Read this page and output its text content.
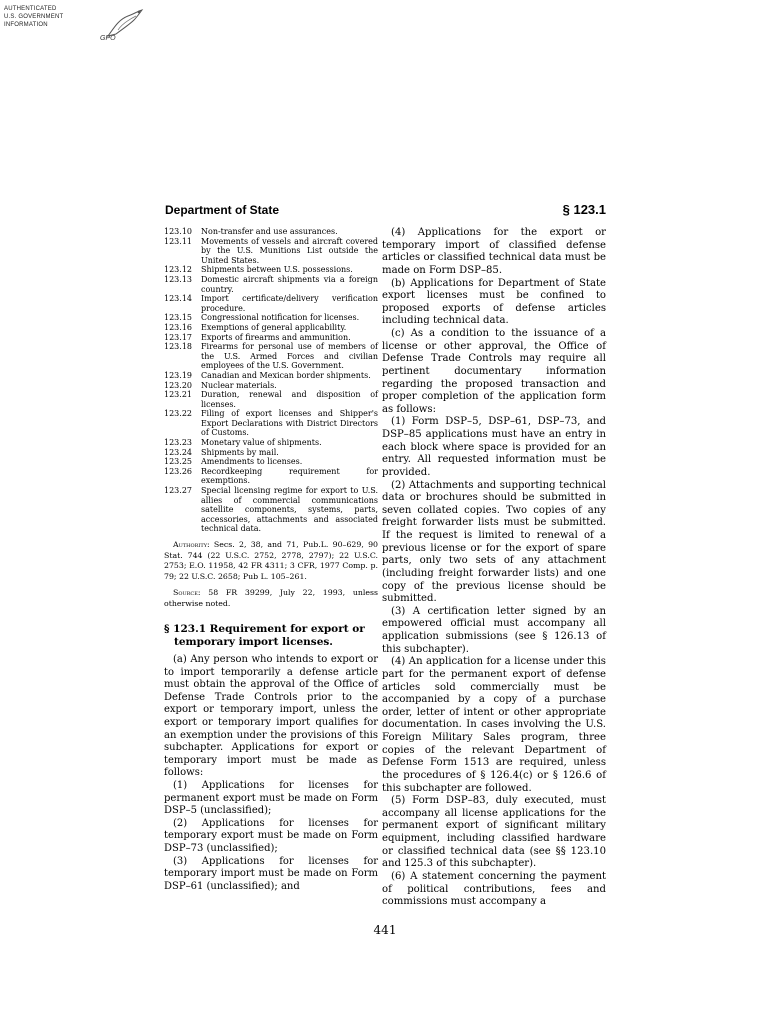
AUTHENTICATED
U.S. GOVERNMENT
INFORMATION
GPO
Department of State	§ 123.1
123.10	Non-transfer and use assurances.
123.11	Movements of vessels and aircraft covered by the U.S. Munitions List outside the United States.
123.12	Shipments between U.S. possessions.
123.13	Domestic aircraft shipments via a foreign country.
123.14	Import certificate/delivery verification procedure.
123.15	Congressional notification for licenses.
123.16	Exemptions of general applicability.
123.17	Exports of firearms and ammunition.
123.18	Firearms for personal use of members of the U.S. Armed Forces and civilian employees of the U.S. Government.
123.19	Canadian and Mexican border shipments.
123.20	Nuclear materials.
123.21	Duration, renewal and disposition of licenses.
123.22	Filing of export licenses and Shipper's Export Declarations with District Directors of Customs.
123.23	Monetary value of shipments.
123.24	Shipments by mail.
123.25	Amendments to licenses.
123.26	Recordkeeping requirement for exemptions.
123.27	Special licensing regime for export to U.S. allies of commercial communications satellite components, systems, parts, accessories, attachments and associated technical data.

Authority: Secs. 2, 38, and 71, Pub.L. 90–629, 90 Stat. 744 (22 U.S.C. 2752, 2778, 2797); 22 U.S.C. 2753; E.O. 11958, 42 FR 4311; 3 CFR, 1977 Comp. p. 79; 22 U.S.C. 2658; Pub L. 105–261.

Source: 58 FR 39299, July 22, 1993, unless otherwise noted.

§ 123.1 Requirement for export or temporary import licenses.

(a) Any person who intends to export or to import temporarily a defense article must obtain the approval of the Office of Defense Trade Controls prior to the export or temporary import, unless the export or temporary import qualifies for an exemption under the provisions of this subchapter. Applications for export or temporary import must be made as follows:

(1) Applications for licenses for permanent export must be made on Form DSP–5 (unclassified);

(2) Applications for licenses for temporary export must be made on Form DSP–73 (unclassified);

(3) Applications for licenses for temporary import must be made on Form DSP–61 (unclassified); and

(4) Applications for the export or temporary import of classified defense articles or classified technical data must be made on Form DSP–85.

(b) Applications for Department of State export licenses must be confined to proposed exports of defense articles including technical data.

(c) As a condition to the issuance of a license or other approval, the Office of Defense Trade Controls may require all pertinent documentary information regarding the proposed transaction and proper completion of the application form as follows:

(1) Form DSP–5, DSP–61, DSP–73, and DSP–85 applications must have an entry in each block where space is provided for an entry. All requested information must be provided.

(2) Attachments and supporting technical data or brochures should be submitted in seven collated copies. Two copies of any freight forwarder lists must be submitted. If the request is limited to renewal of a previous license or for the export of spare parts, only two sets of any attachment (including freight forwarder lists) and one copy of the previous license should be submitted.

(3) A certification letter signed by an empowered official must accompany all application submissions (see § 126.13 of this subchapter).

(4) An application for a license under this part for the permanent export of defense articles sold commercially must be accompanied by a copy of a purchase order, letter of intent or other appropriate documentation. In cases involving the U.S. Foreign Military Sales program, three copies of the relevant Department of Defense Form 1513 are required, unless the procedures of § 126.4(c) or § 126.6 of this subchapter are followed.

(5) Form DSP–83, duly executed, must accompany all license applications for the permanent export of significant military equipment, including classified hardware or classified technical data (see §§ 123.10 and 125.3 of this subchapter).

(6) A statement concerning the payment of political contributions, fees and commissions must accompany a

441
